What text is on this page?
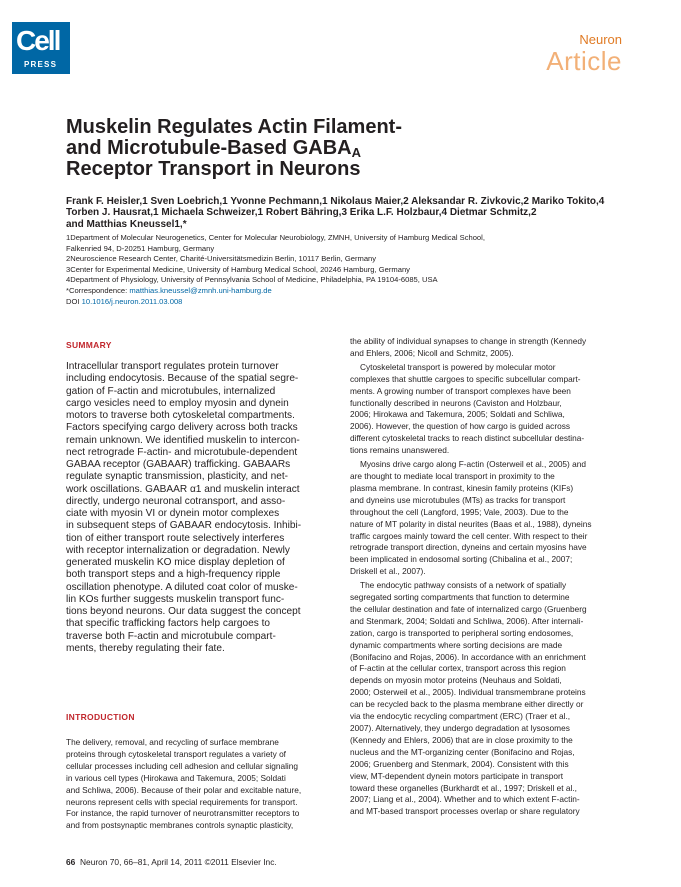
Cell
PRESS
Neuron
Article
Muskelin Regulates Actin Filament-
and Microtubule-Based $GABA_A$
Receptor Transport in Neurons
Frank F. Heisler,1 Sven Loebrich,1 Yvonne Pechmann,1 Nikolaus Maier,2 Aleksandar R. Zivkovic,2 Mariko Tokito,4
Torben J. Hausrat,1 Michaela Schweizer,1 Robert Bähring,3 Erika L.F. Holzbaur,4 Dietmar Schmitz,2
and Matthias Kneussel1,*
1Department of Molecular Neurogenetics, Center for Molecular Neurobiology, ZMNH, University of Hamburg Medical School,
Falkenried 94, D-20251 Hamburg, Germany
2Neuroscience Research Center, Charité-Universitätsmedizin Berlin, 10117 Berlin, Germany
3Center for Experimental Medicine, University of Hamburg Medical School, 20246 Hamburg, Germany
4Department of Physiology, University of Pennsylvania School of Medicine, Philadelphia, PA 19104-6085, USA
*Correspondence: matthias.kneussel@zmnh.uni-hamburg.de
DOI 10.1016/j.neuron.2011.03.008
SUMMARY
Intracellular transport regulates protein turnover
including endocytosis. Because of the spatial segre-
gation of F-actin and microtubules, internalized
cargo vesicles need to employ myosin and dynein
motors to traverse both cytoskeletal compartments.
Factors specifying cargo delivery across both tracks
remain unknown. We identified muskelin to intercon-
nect retrograde F-actin- and microtubule-dependent
GABAA receptor (GABAAR) trafficking. GABAARs
regulate synaptic transmission, plasticity, and net-
work oscillations. GABAAR α1 and muskelin interact
directly, undergo neuronal cotransport, and asso-
ciate with myosin VI or dynein motor complexes
in subsequent steps of GABAAR endocytosis. Inhibi-
tion of either transport route selectively interferes
with receptor internalization or degradation. Newly
generated muskelin KO mice display depletion of
both transport steps and a high-frequency ripple
oscillation phenotype. A diluted coat color of muske-
lin KOs further suggests muskelin transport func-
tions beyond neurons. Our data suggest the concept
that specific trafficking factors help cargoes to
traverse both F-actin and microtubule compart-
ments, thereby regulating their fate.
INTRODUCTION
The delivery, removal, and recycling of surface membrane
proteins through cytoskeletal transport regulates a variety of
cellular processes including cell adhesion and cellular signaling
in various cell types (Hirokawa and Takemura, 2005; Soldati
and Schliwa, 2006). Because of their polar and excitable nature,
neurons represent cells with special requirements for transport.
For instance, the rapid turnover of neurotransmitter receptors to
and from postsynaptic membranes controls synaptic plasticity,
the ability of individual synapses to change in strength (Kennedy
and Ehlers, 2006; Nicoll and Schmitz, 2005).
Cytoskeletal transport is powered by molecular motor
complexes that shuttle cargoes to specific subcellular compart-
ments. A growing number of transport complexes have been
functionally described in neurons (Caviston and Holzbaur,
2006; Hirokawa and Takemura, 2005; Soldati and Schliwa,
2006). However, the question of how cargo is guided across
different cytoskeletal tracks to reach distinct subcellular destina-
tions remains unanswered.
Myosins drive cargo along F-actin (Osterweil et al., 2005) and
are thought to mediate local transport in proximity to the
plasma membrane. In contrast, kinesin family proteins (KIFs)
and dyneins use microtubules (MTs) as tracks for transport
throughout the cell (Langford, 1995; Vale, 2003). Due to the
nature of MT polarity in distal neurites (Baas et al., 1988), dyneins
traffic cargoes mainly toward the cell center. With respect to their
retrograde transport direction, dyneins and certain myosins have
been implicated in endosomal sorting (Chibalina et al., 2007;
Driskell et al., 2007).
The endocytic pathway consists of a network of spatially
segregated sorting compartments that function to determine
the cellular destination and fate of internalized cargo (Gruenberg
and Stenmark, 2004; Soldati and Schliwa, 2006). After internali-
zation, cargo is transported to peripheral sorting endosomes,
dynamic compartments where sorting decisions are made
(Bonifacino and Rojas, 2006). In accordance with an enrichment
of F-actin at the cellular cortex, transport across this region
depends on myosin motor proteins (Neuhaus and Soldati,
2000; Osterweil et al., 2005). Individual transmembrane proteins
can be recycled back to the plasma membrane either directly or
via the endocytic recycling compartment (ERC) (Traer et al.,
2007). Alternatively, they undergo degradation at lysosomes
(Kennedy and Ehlers, 2006) that are in close proximity to the
nucleus and the MT-organizing center (Bonifacino and Rojas,
2006; Gruenberg and Stenmark, 2004). Consistent with this
view, MT-dependent dynein motors participate in transport
toward these organelles (Burkhardt et al., 1997; Driskell et al.,
2007; Liang et al., 2004). Whether and to which extent F-actin-
and MT-based transport processes overlap or share regulatory
66 Neuron 70, 66–81, April 14, 2011 ©2011 Elsevier Inc.
